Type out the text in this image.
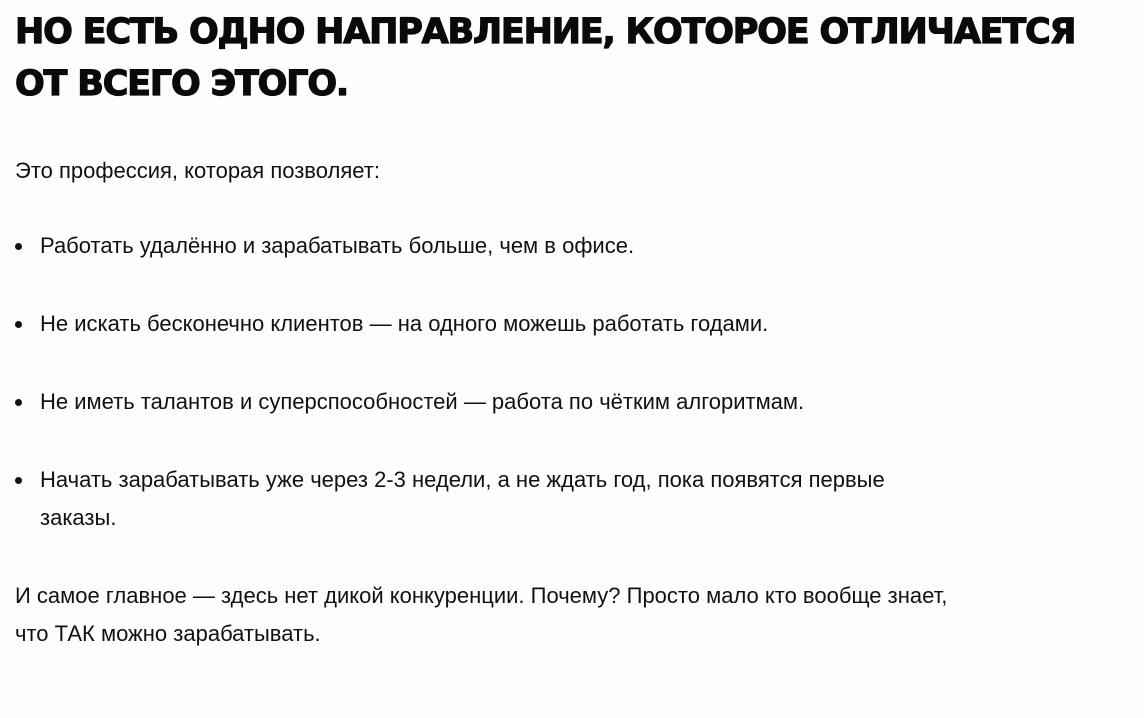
НО ЕСТЬ ОДНО НАПРАВЛЕНИЕ, КОТОРОЕ ОТЛИЧАЕТСЯ
ОТ ВСЕГО ЭТОГО.

Это профессия, которая позволяет:

Работать удалённо и зарабатывать больше, чем в офисе.
Не искать бесконечно клиентов — на одного можешь работать годами.
Не иметь талантов и суперспособностей — работа по чётким алгоритмам.
Начать зарабатывать уже через 2-3 недели, а не ждать год, пока появятся первые заказы.

И самое главное — здесь нет дикой конкуренции. Почему? Просто мало кто вообще знает, что ТАК можно зарабатывать.
